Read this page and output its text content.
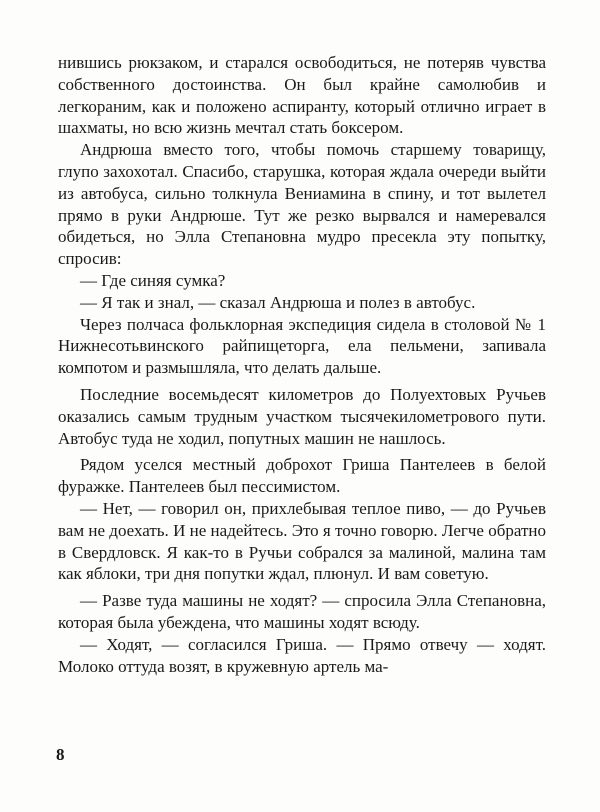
нившись рюкзаком, и старался освободиться, не потеряв чувства собственного достоинства. Он был крайне самолюбив и легкораним, как и положено аспиранту, который отлично играет в шахматы, но всю жизнь мечтал стать боксером.

Андрюша вместо того, чтобы помочь старшему товарищу, глупо захохотал. Спасибо, старушка, которая ждала очереди выйти из автобуса, сильно толкнула Вениамина в спину, и тот вылетел прямо в руки Андрюше. Тут же резко вырвался и намеревался обидеться, но Элла Степановна мудро пресекла эту попытку, спросив:

— Где синяя сумка?

— Я так и знал, — сказал Андрюша и полез в автобус.

Через полчаса фольклорная экспедиция сидела в столовой № 1 Нижнесотьвинского райпищеторга, ела пельмени, запивала компотом и размышляла, что делать дальше.

Последние восемьдесят километров до Полуехтовых Ручьев оказались самым трудным участком тысячекилометрового пути. Автобус туда не ходил, попутных машин не нашлось.

Рядом уселся местный доброхот Гриша Пантелеев в белой фуражке. Пантелеев был пессимистом.

— Нет, — говорил он, прихлебывая теплое пиво, — до Ручьев вам не доехать. И не надейтесь. Это я точно говорю. Легче обратно в Свердловск. Я как-то в Ручьи собрался за малиной, малина там как яблоки, три дня попутки ждал, плюнул. И вам советую.

— Разве туда машины не ходят? — спросила Элла Степановна, которая была убеждена, что машины ходят всюду.

— Ходят, — согласился Гриша. — Прямо отвечу — ходят. Молоко оттуда возят, в кружевную артель ма-

8
